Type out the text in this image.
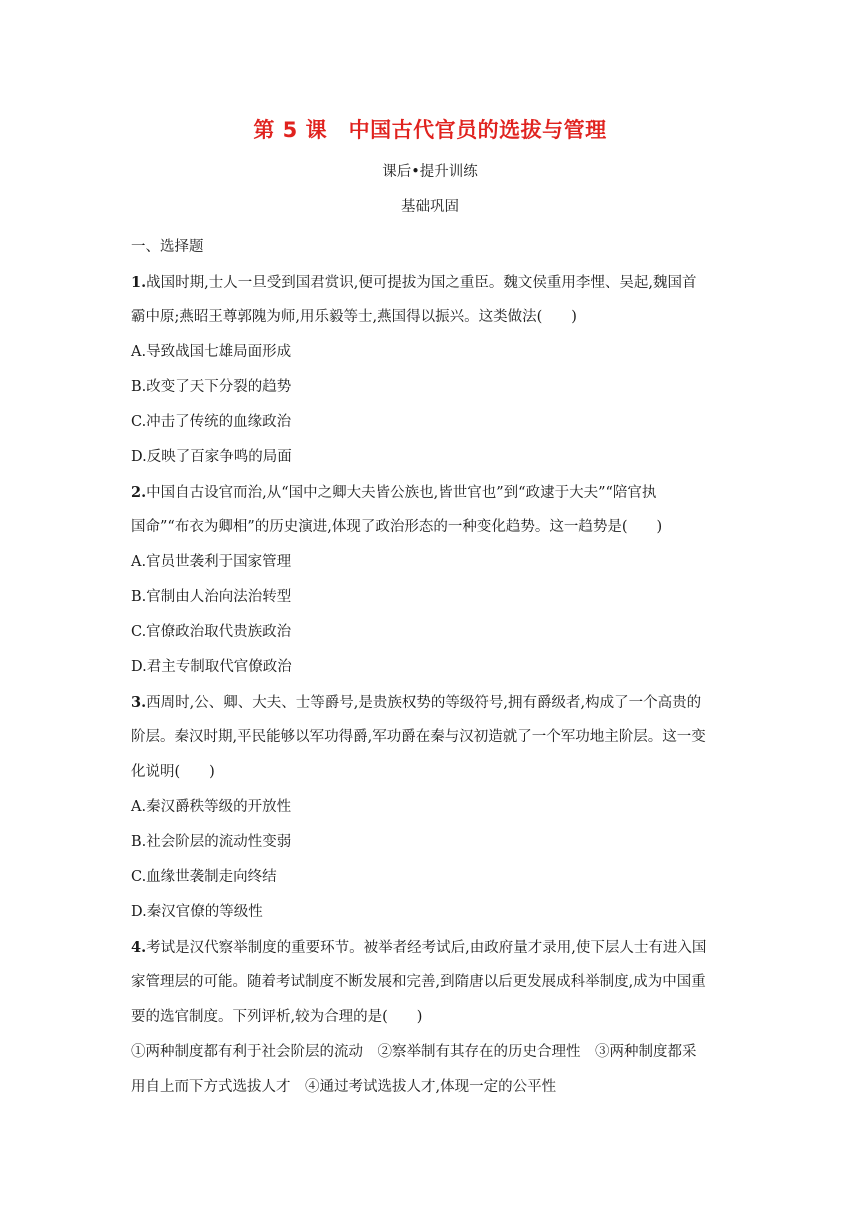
第 5 课　中国古代官员的选拔与管理
课后•提升训练
基础巩固
一、选择题
1.战国时期,士人一旦受到国君赏识,便可提拔为国之重臣。魏文侯重用李悝、吴起,魏国首
霸中原;燕昭王尊郭隗为师,用乐毅等士,燕国得以振兴。这类做法(　　)
A.导致战国七雄局面形成
B.改变了天下分裂的趋势
C.冲击了传统的血缘政治
D.反映了百家争鸣的局面
2.中国自古设官而治,从“国中之卿大夫皆公族也,皆世官也”到“政逮于大夫”“陪官执
国命”“布衣为卿相”的历史演进,体现了政治形态的一种变化趋势。这一趋势是(　　)
A.官员世袭利于国家管理
B.官制由人治向法治转型
C.官僚政治取代贵族政治
D.君主专制取代官僚政治
3.西周时,公、卿、大夫、士等爵号,是贵族权势的等级符号,拥有爵级者,构成了一个高贵的
阶层。秦汉时期,平民能够以军功得爵,军功爵在秦与汉初造就了一个军功地主阶层。这一变
化说明(　　)
A.秦汉爵秩等级的开放性
B.社会阶层的流动性变弱
C.血缘世袭制走向终结
D.秦汉官僚的等级性
4.考试是汉代察举制度的重要环节。被举者经考试后,由政府量才录用,使下层人士有进入国
家管理层的可能。随着考试制度不断发展和完善,到隋唐以后更发展成科举制度,成为中国重
要的选官制度。下列评析,较为合理的是(　　)
①两种制度都有利于社会阶层的流动　②察举制有其存在的历史合理性　③两种制度都采
用自上而下方式选拔人才　④通过考试选拔人才,体现一定的公平性
